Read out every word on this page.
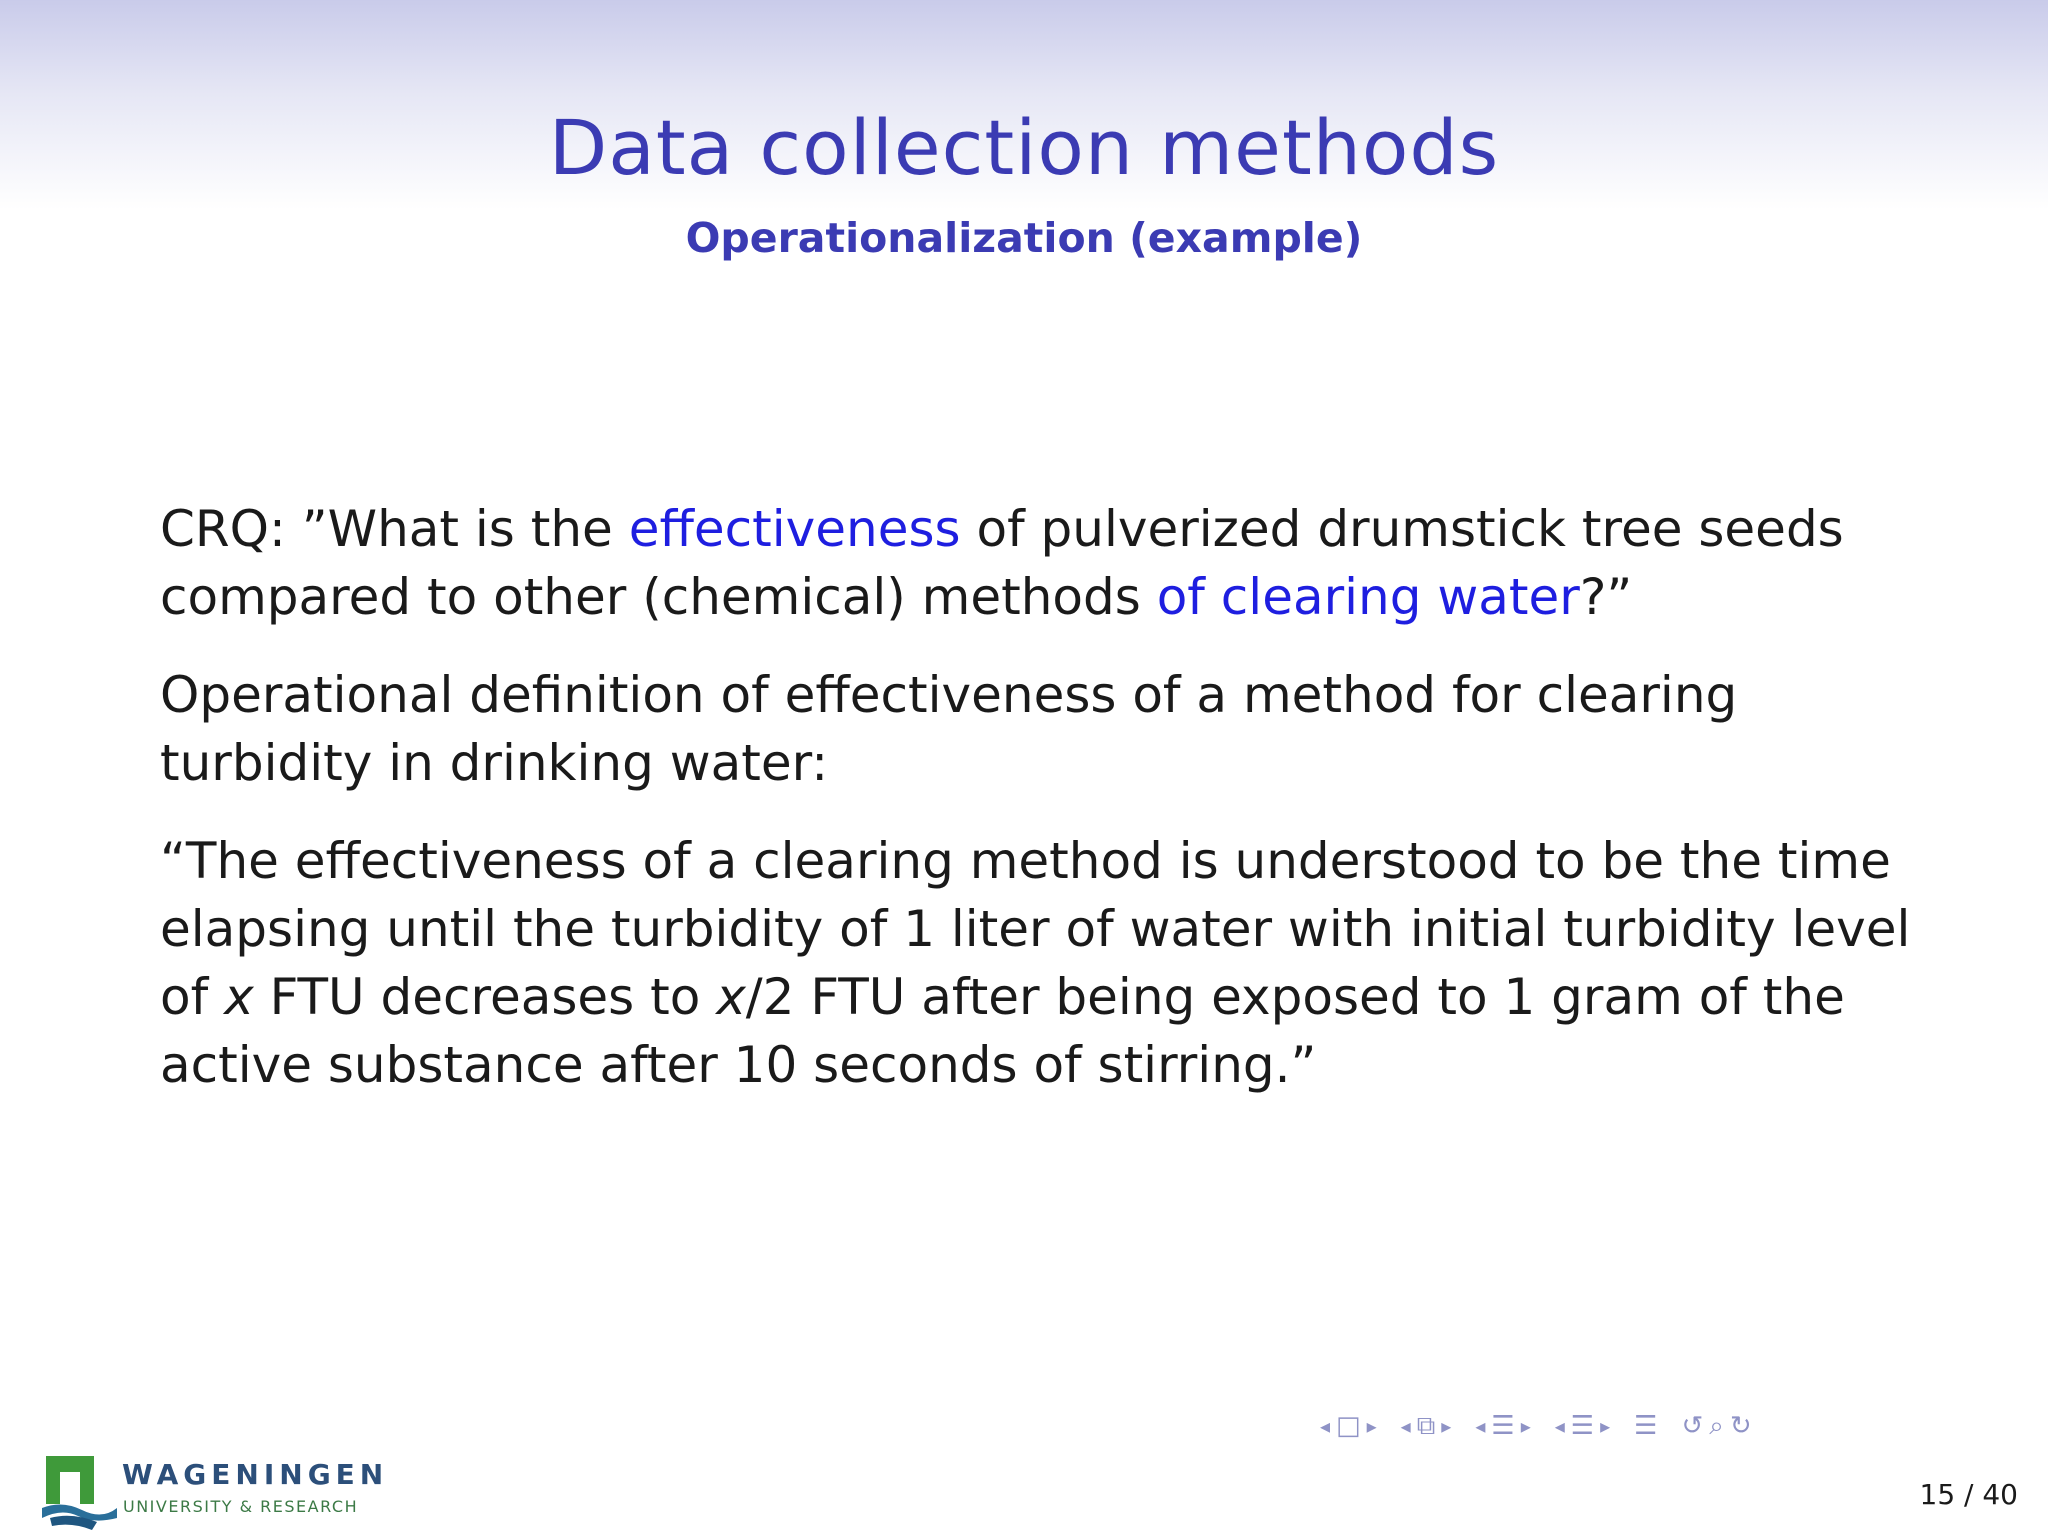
Data collection methods
Operationalization (example)

CRQ: ”What is the effectiveness of pulverized drumstick tree seeds compared to other (chemical) methods of clearing water?”

Operational definition of effectiveness of a method for clearing turbidity in drinking water:

“The effectiveness of a clearing method is understood to be the time elapsing until the turbidity of 1 liter of water with initial turbidity level of x FTU decreases to x/2 FTU after being exposed to 1 gram of the active substance after 10 seconds of stirring.”

WAGENINGEN
UNIVERSITY & RESEARCH
◂ □ ▸ ◂ ⧉ ▸ ◂ ☰ ▸ ◂ ☰ ▸ ☰ ↺ ⌕ ↻
15 / 40
